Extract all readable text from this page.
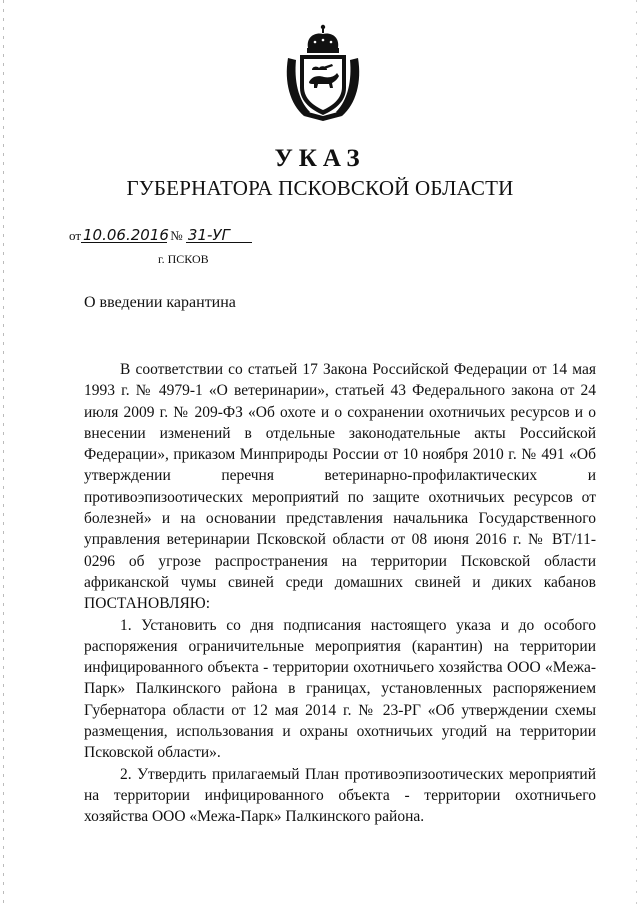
УКАЗ
ГУБЕРНАТОРА ПСКОВСКОЙ ОБЛАСТИ
от 10.06.2016 № 31-УГ
г. ПСКОВ
О введении карантина

В соответствии со статьей 17 Закона Российской Федерации от 14 мая 1993 г. № 4979-1 «О ветеринарии», статьей 43 Федерального закона от 24 июля 2009 г. № 209-ФЗ «Об охоте и о сохранении охотничьих ресурсов и о внесении изменений в отдельные законодательные акты Российской Федерации», приказом Минприроды России от 10 ноября 2010 г. № 491 «Об утверждении перечня ветеринарно-профилактических и противоэпизоотических мероприятий по защите охотничьих ресурсов от болезней» и на основании представления начальника Государственного управления ветеринарии Псковской области от 08 июня 2016 г. № ВТ/11-0296 об угрозе распространения на территории Псковской области африканской чумы свиней среди домашних свиней и диких кабанов ПОСТАНОВЛЯЮ:

1. Установить со дня подписания настоящего указа и до особого распоряжения ограничительные мероприятия (карантин) на территории инфицированного объекта - территории охотничьего хозяйства ООО «Межа-Парк» Палкинского района в границах, установленных распоряжением Губернатора области от 12 мая 2014 г. № 23-РГ «Об утверждении схемы размещения, использования и охраны охотничьих угодий на территории Псковской области».

2. Утвердить прилагаемый План противоэпизоотических мероприятий на территории инфицированного объекта - территории охотничьего хозяйства ООО «Межа-Парк» Палкинского района.
